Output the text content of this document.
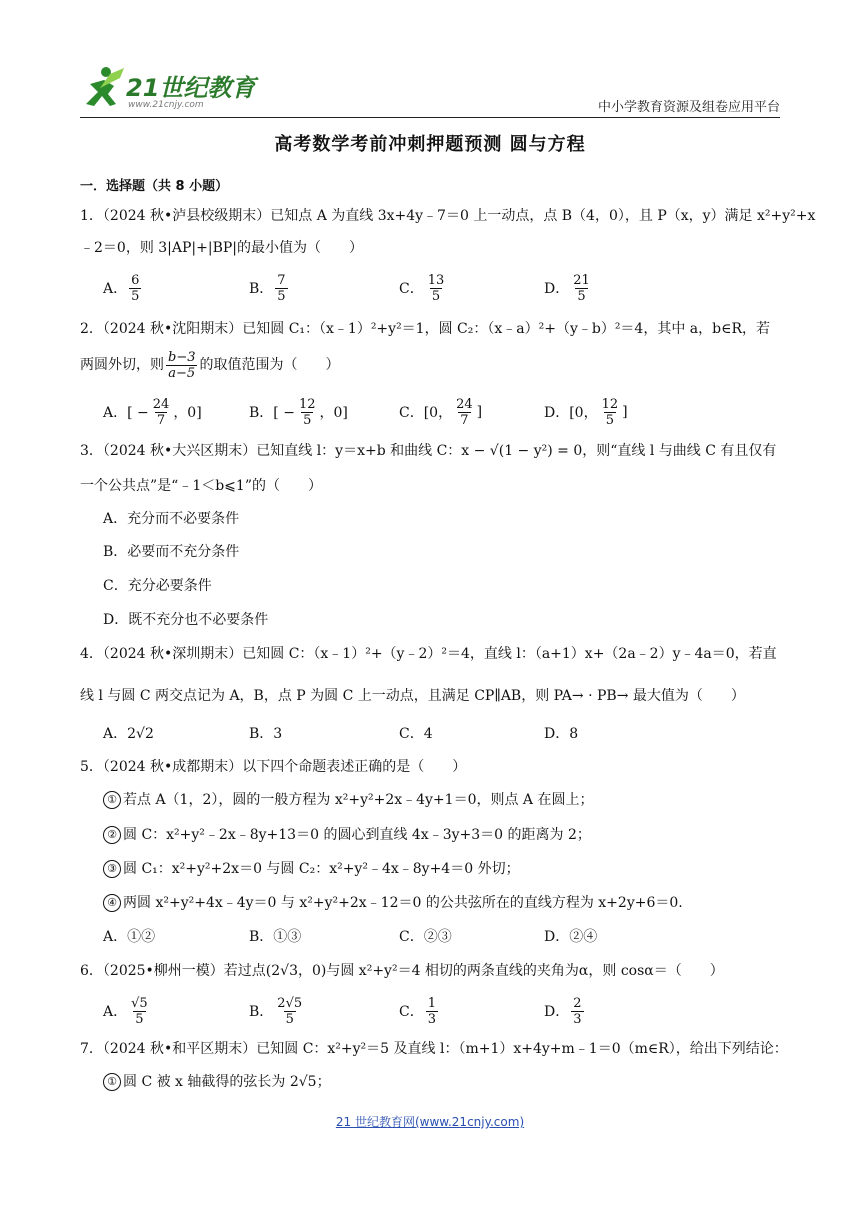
21世纪教育
www.21cnjy.com	中小学教育资源及组卷应用平台
高考数学考前冲刺押题预测 圆与方程
一．选择题（共 8 小题）
1．（2024 秋•泸县校级期末）已知点 A 为直线 3x+4y﹣7＝0 上一动点，点 B（4，0），且 P（x，y）满足 x²+y²+x
﹣2＝0，则 3|AP|+|BP|的最小值为（　　）
A． $\frac{6}{5}$	B． $\frac{7}{5}$	C． $\frac{13}{5}$	D． $\frac{21}{5}$
2．（2024 秋•沈阳期末）已知圆 C₁：（x﹣1）²+y²＝1，圆 C₂：（x﹣a）²+（y﹣b）²＝4，其中 a，b∈R，若
两圆外切，则 $\frac{b-3}{a-5}$ 的取值范围为（　　）
A．[ − $\frac{24}{7}$ ，0]	B．[ − $\frac{12}{5}$ ，0]	C．[0， $\frac{24}{7}$ ]	D．[0， $\frac{12}{5}$ ]
3．（2024 秋•大兴区期末）已知直线 l：y＝x+b 和曲线 C：x − √(1 − y²) = 0，则“直线 l 与曲线 C 有且仅有
一个公共点”是“﹣1＜b⩽1”的（　　）
A．充分而不必要条件
B．必要而不充分条件
C．充分必要条件
D．既不充分也不必要条件
4．（2024 秋•深圳期末）已知圆 C：（x﹣1）²+（y﹣2）²＝4，直线 l：（a+1）x+（2a﹣2）y﹣4a＝0，若直
线 l 与圆 C 两交点记为 A，B，点 P 为圆 C 上一动点，且满足 CP∥AB，则 PA→ · PB→ 最大值为（　　）
A．2√2	B．3	C．4	D．8
5．（2024 秋•成都期末）以下四个命题表述正确的是（　　）
① 若点 A（1，2），圆的一般方程为 x²+y²+2x﹣4y+1＝0，则点 A 在圆上；
② 圆 C：x²+y²﹣2x﹣8y+13＝0 的圆心到直线 4x﹣3y+3＝0 的距离为 2；
③ 圆 C₁：x²+y²+2x＝0 与圆 C₂：x²+y²﹣4x﹣8y+4＝0 外切；
④ 两圆 x²+y²+4x﹣4y＝0 与 x²+y²+2x﹣12＝0 的公共弦所在的直线方程为 x+2y+6＝0.
A．①②	B．①③	C．②③	D．②④
6．（2025•柳州一模）若过点(2√3，0)与圆 x²+y²＝4 相切的两条直线的夹角为α，则 cosα＝（　　）
A． $\frac{√5}{5}$	B． $\frac{2√5}{5}$	C． $\frac{1}{3}$	D． $\frac{2}{3}$
7．（2024 秋•和平区期末）已知圆 C：x²+y²＝5 及直线 l：（m+1）x+4y+m﹣1＝0（m∈R），给出下列结论：
① 圆 C 被 x 轴截得的弦长为 2√5；
21 世纪教育网(www.21cnjy.com)
